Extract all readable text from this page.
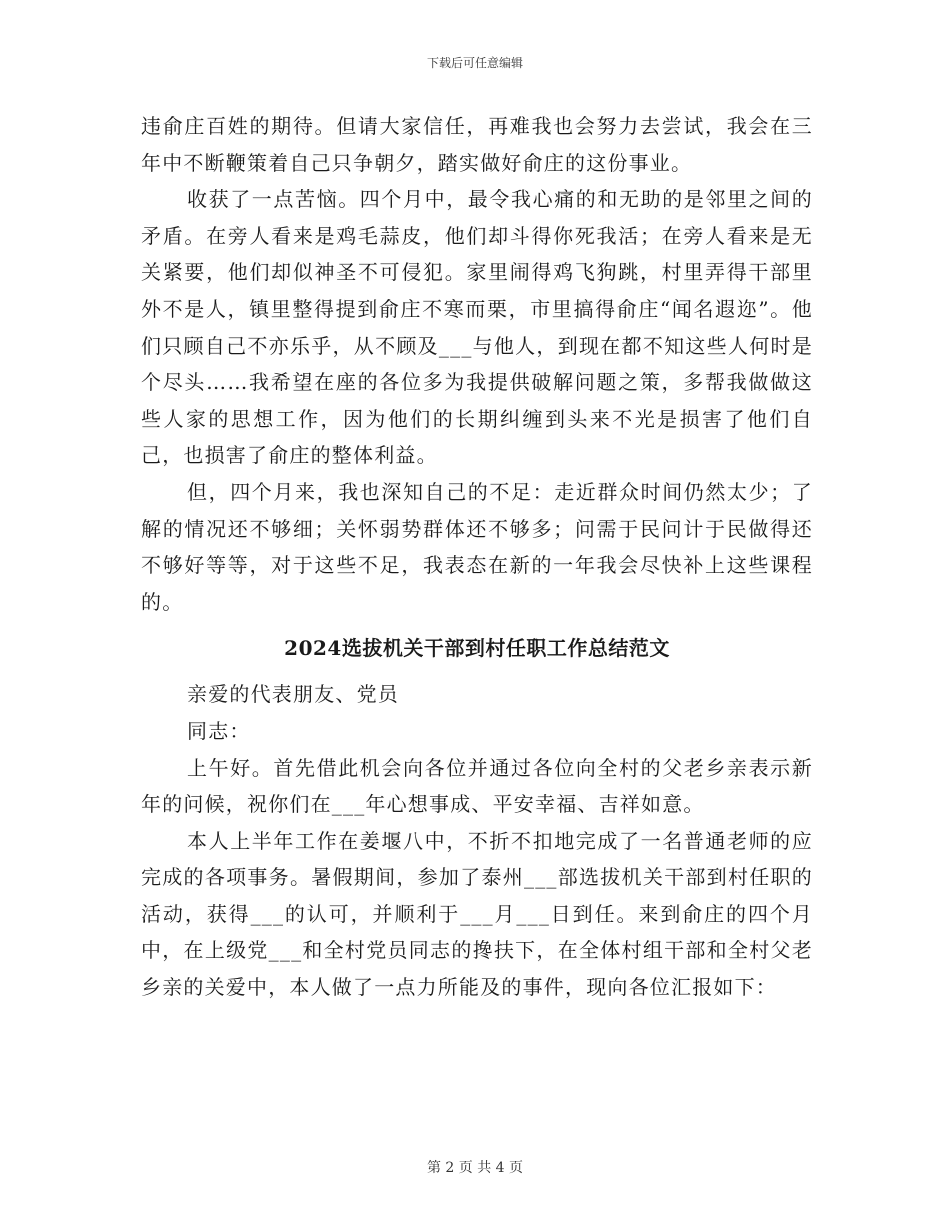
下载后可任意编辑

违俞庄百姓的期待。但请大家信任，再难我也会努力去尝试，我会在三年中不断鞭策着自己只争朝夕，踏实做好俞庄的这份事业。

收获了一点苦恼。四个月中，最令我心痛的和无助的是邻里之间的矛盾。在旁人看来是鸡毛蒜皮，他们却斗得你死我活；在旁人看来是无关紧要，他们却似神圣不可侵犯。家里闹得鸡飞狗跳，村里弄得干部里外不是人，镇里整得提到俞庄不寒而栗，市里搞得俞庄“闻名遐迩”。他们只顾自己不亦乐乎，从不顾及___与他人，到现在都不知这些人何时是个尽头……我希望在座的各位多为我提供破解问题之策，多帮我做做这些人家的思想工作，因为他们的长期纠缠到头来不光是损害了他们自己，也损害了俞庄的整体利益。

但，四个月来，我也深知自己的不足：走近群众时间仍然太少；了解的情况还不够细；关怀弱势群体还不够多；问需于民问计于民做得还不够好等等，对于这些不足，我表态在新的一年我会尽快补上这些课程的。

2024选拔机关干部到村任职工作总结范文

亲爱的代表朋友、党员

同志：

上午好。首先借此机会向各位并通过各位向全村的父老乡亲表示新年的问候，祝你们在___年心想事成、平安幸福、吉祥如意。

本人上半年工作在姜堰八中，不折不扣地完成了一名普通老师的应完成的各项事务。暑假期间，参加了泰州___部选拔机关干部到村任职的活动，获得___的认可，并顺利于___月___日到任。来到俞庄的四个月中，在上级党___和全村党员同志的搀扶下，在全体村组干部和全村父老乡亲的关爱中，本人做了一点力所能及的事件，现向各位汇报如下：

第 2 页 共 4 页
